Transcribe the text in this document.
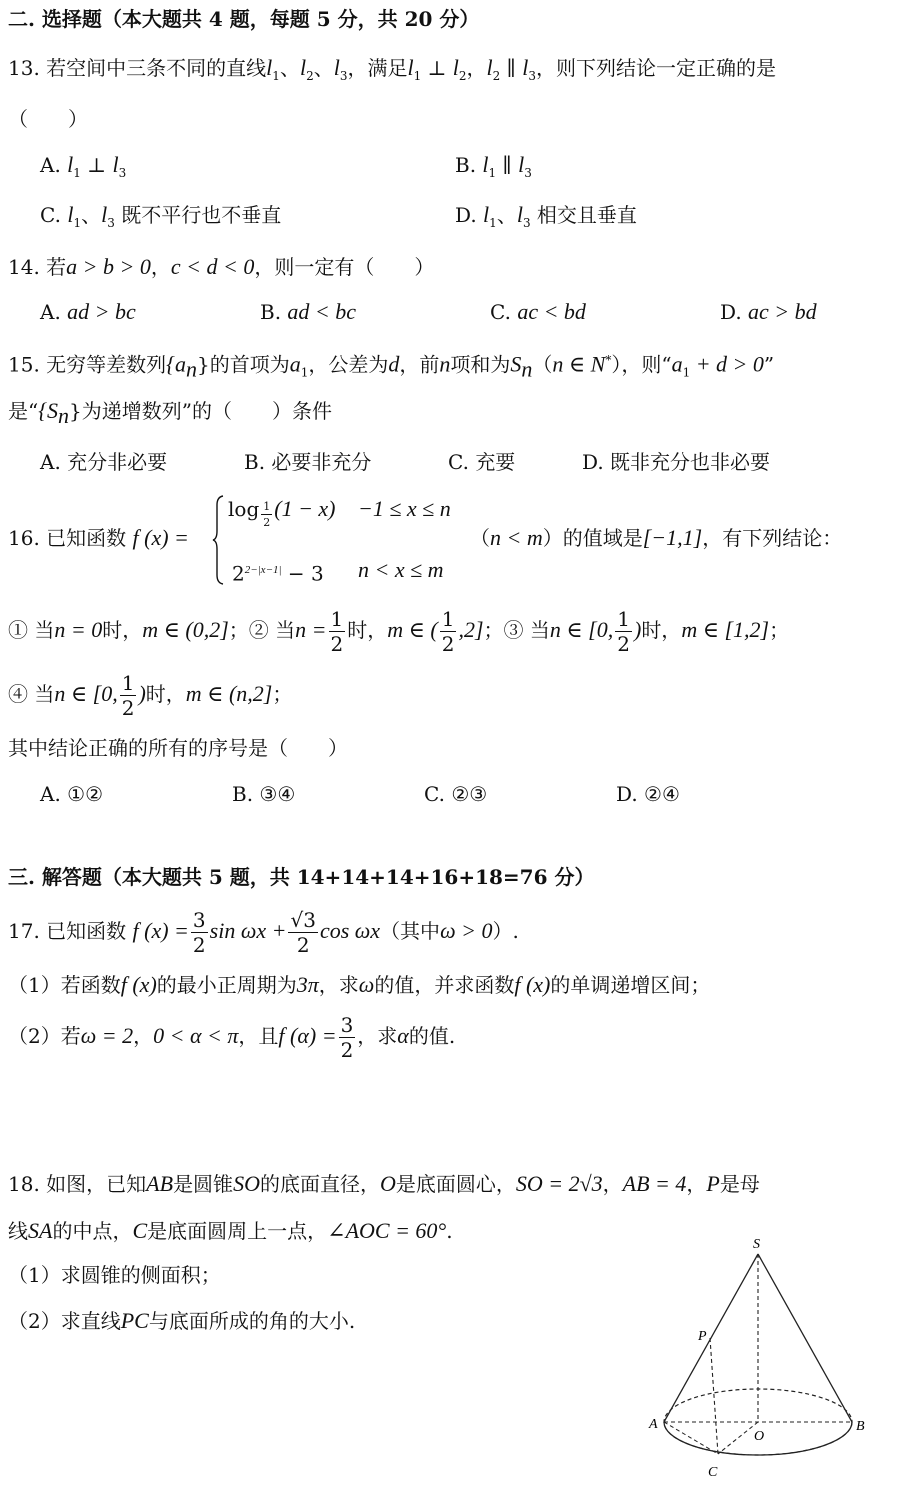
二. 选择题（本大题共 4 题，每题 5 分，共 20 分）
13. 若空间中三条不同的直线$l_1$、$l_2$、$l_3$，满足$l_1$ ⊥ $l_2$，$l_2$ ∥ $l_3$，则下列结论一定正确的是
（　　）
A. $l_1$ ⊥ $l_3$	B. $l_1$ ∥ $l_3$
C. $l_1$、$l_3$ 既不平行也不垂直	D. $l_1$、$l_3$ 相交且垂直
14. 若a > b > 0，c < d < 0，则一定有（　　）
A. ad > bc	B. ad < bc	C. ac < bd	D. ac > bd
15. 无穷等差数列$\{a_n\}$的首项为$a_1$，公差为d，前n项和为$S_n(n$ ∈ N*），则“$a_1 + d > 0$”
是“$\{S_n\}$为递增数列”的（　　）条件
A. 充分非必要	B. 必要非充分	C. 充要	D. 既非充分也非必要
16. 已知函数 f (x) =
$\log \frac{1}{2} (1 - x) -1 \le x \le n$
$2^{2-|x-1|} - 3$ n < x ≤ m
（n < m）的值域是[−1,1]，有下列结论：
① 当n = 0时，m ∈ (0,2]；② 当$n = \frac{1}{2}$ 时，m ∈ ( $\frac{1}{2} ,2$]；③ 当n ∈ [0, $\frac{1}{2}$ )时，m ∈ [1,2]；
④ 当n ∈ [0, $\frac{1}{2}$ )时，m ∈ (n,2]；
其中结论正确的所有的序号是（　　）
A. ①②	B. ③④	C. ②③	D. ②④
三. 解答题（本大题共 5 题，共 14+14+14+16+18=76 分）
17. 已知函数 f $(x) = \frac{3}{2}$ $\sin \omega x + \frac{√3}{2}$ cos ωx（其中ω > 0）.
（1）若函数f (x)的最小正周期为3π，求ω的值，并求函数f (x)的单调递增区间；
（2）若ω = 2，0 < α < π，且f $(\alpha) = \frac{3}{2}$ ，求α的值.
18. 如图，已知AB是圆锥SO的底面直径，O是底面圆心，SO = 2√3，AB = 4，P是母
线SA的中点，C是底面圆周上一点，∠AOC = 60°.
（1）求圆锥的侧面积；
（2）求直线PC与底面所成的角的大小.
S
P
A	B
O
C
